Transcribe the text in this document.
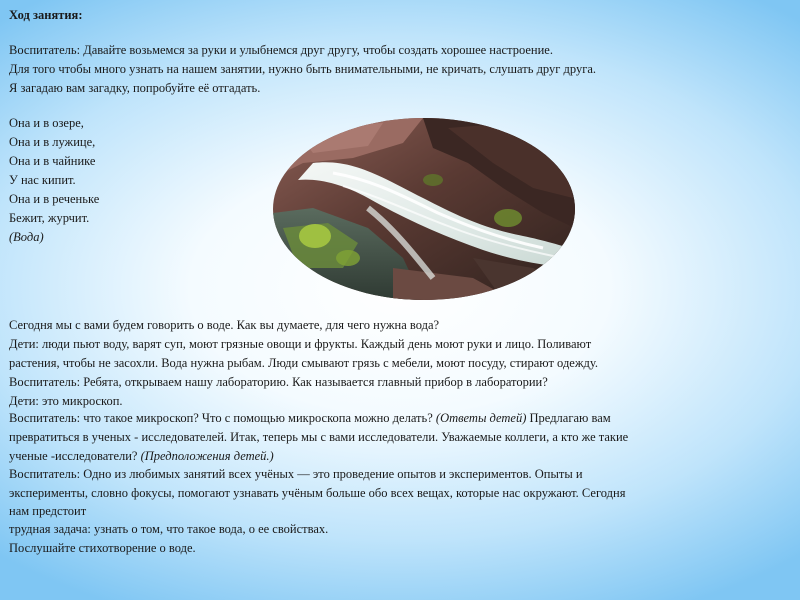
Ход занятия:
Воспитатель: Давайте возьмемся за руки и улыбнемся друг другу, чтобы создать хорошее настроение.
Для того чтобы много узнать на нашем занятии, нужно быть внимательными, не кричать, слушать друг друга.
Я загадаю вам загадку, попробуйте её отгадать.
Она и в озере,
Она и в лужице,
Она и в чайнике
У нас кипит.
Она и в реченьке
Бежит, журчит.
(Вода)
Сегодня мы с вами будем говорить о воде. Как вы думаете, для чего нужна вода?
Дети: люди пьют воду, варят суп, моют грязные овощи и фрукты. Каждый день моют руки и лицо. Поливают
растения, чтобы не засохли. Вода нужна рыбам. Люди смывают грязь с мебели, моют посуду, стирают одежду.
Воспитатель: Ребята, открываем нашу лабораторию. Как называется главный прибор в лаборатории?
Дети: это микроскоп.
Воспитатель: что такое микроскоп? Что с помощью микроскопа можно делать? (Ответы детей) Предлагаю вам
превратиться в ученых - исследователей. Итак, теперь мы с вами исследователи. Уважаемые коллеги, а кто же такие
ученые -исследователи? (Предположения детей.)
Воспитатель: Одно из любимых занятий всех учёных — это проведение опытов и экспериментов. Опыты и
эксперименты, словно фокусы, помогают узнавать учёным больше обо всех вещах, которые нас окружают. Сегодня
нам предстоит
трудная задача: узнать о том, что такое вода, о ее свойствах.
Послушайте стихотворение о воде.
